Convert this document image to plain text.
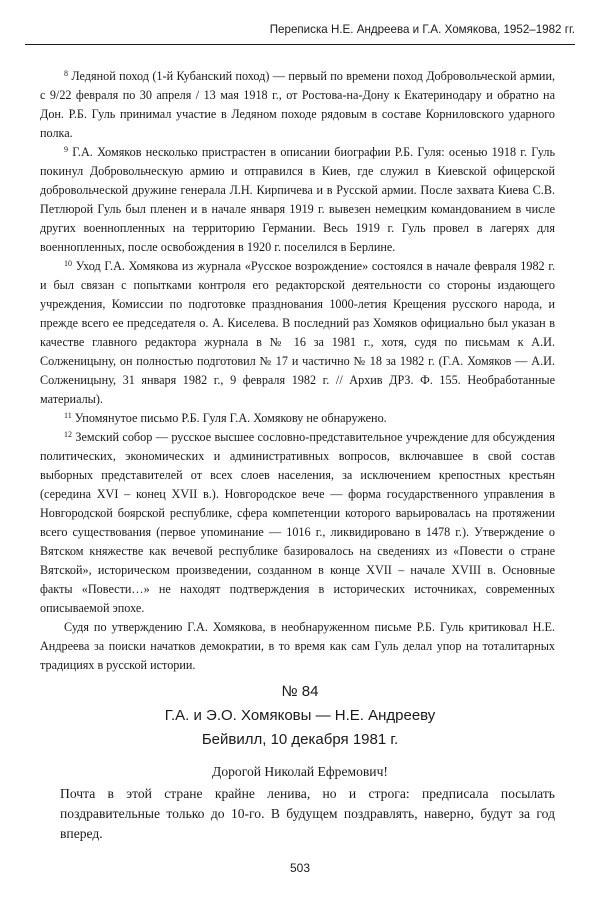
Переписка Н.Е. Андреева и Г.А. Хомякова, 1952–1982 гг.

$^8$ Ледяной поход (1-й Кубанский поход) — первый по времени поход Добровольческой армии, с 9/22 февраля по 30 апреля / 13 мая 1918 г., от Ростова-на-Дону к Екатеринодару и обратно на Дон. Р.Б. Гуль принимал участие в Ледяном походе рядовым в составе Корниловского ударного полка.

$^9$ Г.А. Хомяков несколько пристрастен в описании биографии Р.Б. Гуля: осенью 1918 г. Гуль покинул Добровольческую армию и отправился в Киев, где служил в Киевской офицерской добровольческой дружине генерала Л.Н. Кирпичева и в Русской армии. После захвата Киева С.В. Петлюрой Гуль был пленен и в начале января 1919 г. вывезен немецким командованием в числе других военнопленных на территорию Германии. Весь 1919 г. Гуль провел в лагерях для военнопленных, после освобождения в 1920 г. поселился в Берлине.

$^{10}$ Уход Г.А. Хомякова из журнала «Русское возрождение» состоялся в начале февраля 1982 г. и был связан с попытками контроля его редакторской деятельности со стороны издающего учреждения, Комиссии по подготовке празднования 1000-летия Крещения русского народа, и прежде всего ее председателя о. А. Киселева. В последний раз Хомяков официально был указан в качестве главного редактора журнала в № 16 за 1981 г., хотя, судя по письмам к А.И. Солженицыну, он полностью подготовил № 17 и частично № 18 за 1982 г. (Г.А. Хомяков — А.И. Солженицыну, 31 января 1982 г., 9 февраля 1982 г. // Архив ДРЗ. Ф. 155. Необработанные материалы).

$^{11}$ Упомянутое письмо Р.Б. Гуля Г.А. Хомякову не обнаружено.

$^{12}$ Земский собор — русское высшее сословно-представительное учреждение для обсуждения политических, экономических и административных вопросов, включавшее в свой состав выборных представителей от всех слоев населения, за исключением крепостных крестьян (середина XVI – конец XVII в.). Новгородское вече — форма государственного управления в Новгородской боярской республике, сфера компетенции которого варьировалась на протяжении всего существования (первое упоминание — 1016 г., ликвидировано в 1478 г.). Утверждение о Вятском княжестве как вечевой республике базировалось на сведениях из «Повести о стране Вятской», историческом произведении, созданном в конце XVII – начале XVIII в. Основные факты «Повести…» не находят подтверждения в исторических источниках, современных описываемой эпохе.

Судя по утверждению Г.А. Хомякова, в необнаруженном письме Р.Б. Гуль критиковал Н.Е. Андреева за поиски начатков демократии, в то время как сам Гуль делал упор на тоталитарных традициях в русской истории.

№ 84
Г.А. и Э.О. Хомяковы — Н.Е. Андрееву
Бейвилл, 10 декабря 1981 г.
Дорогой Николай Ефремович!

Почта в этой стране крайне ленива, но и строга: предписала посылать поздравительные только до 10-го. В будущем поздравлять, наверно, будут за год вперед.

503
